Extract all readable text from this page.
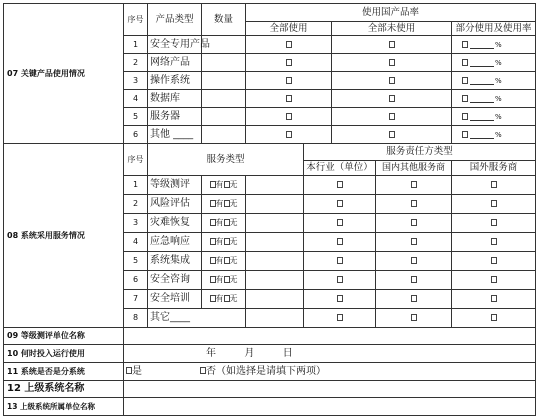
07 关键产品使用情况	序号	产品类型	数量	使用国产品率				
				全部使用		全部未使用		部分使用及使用率
	1	安全专用产品						%
	2	网络产品						%
	3	操作系统						%
	4	数据库						%
	5	服务器						%
	6	其他 ____						%
08 系统采用服务情况	序号	服务类型			服务责任方类型			
					本行业（单位）		国内其他服务商	国外服务商
	1	等级测评	有 无					
	2	风险评估	有 无					
	3	灾难恢复	有 无					
	4	应急响应	有 无					
	5	系统集成	有 无					
	6	安全咨询	有 无					
	7	安全培训	有 无					
	8	其它____						
09 等级测评单位名称								
10 何时投入运行使用	年 月 日							
11 系统是否是分系统	是 否（如选择是请填下两项）							
12 上级系统名称								
13 上级系统所属单位名称								
